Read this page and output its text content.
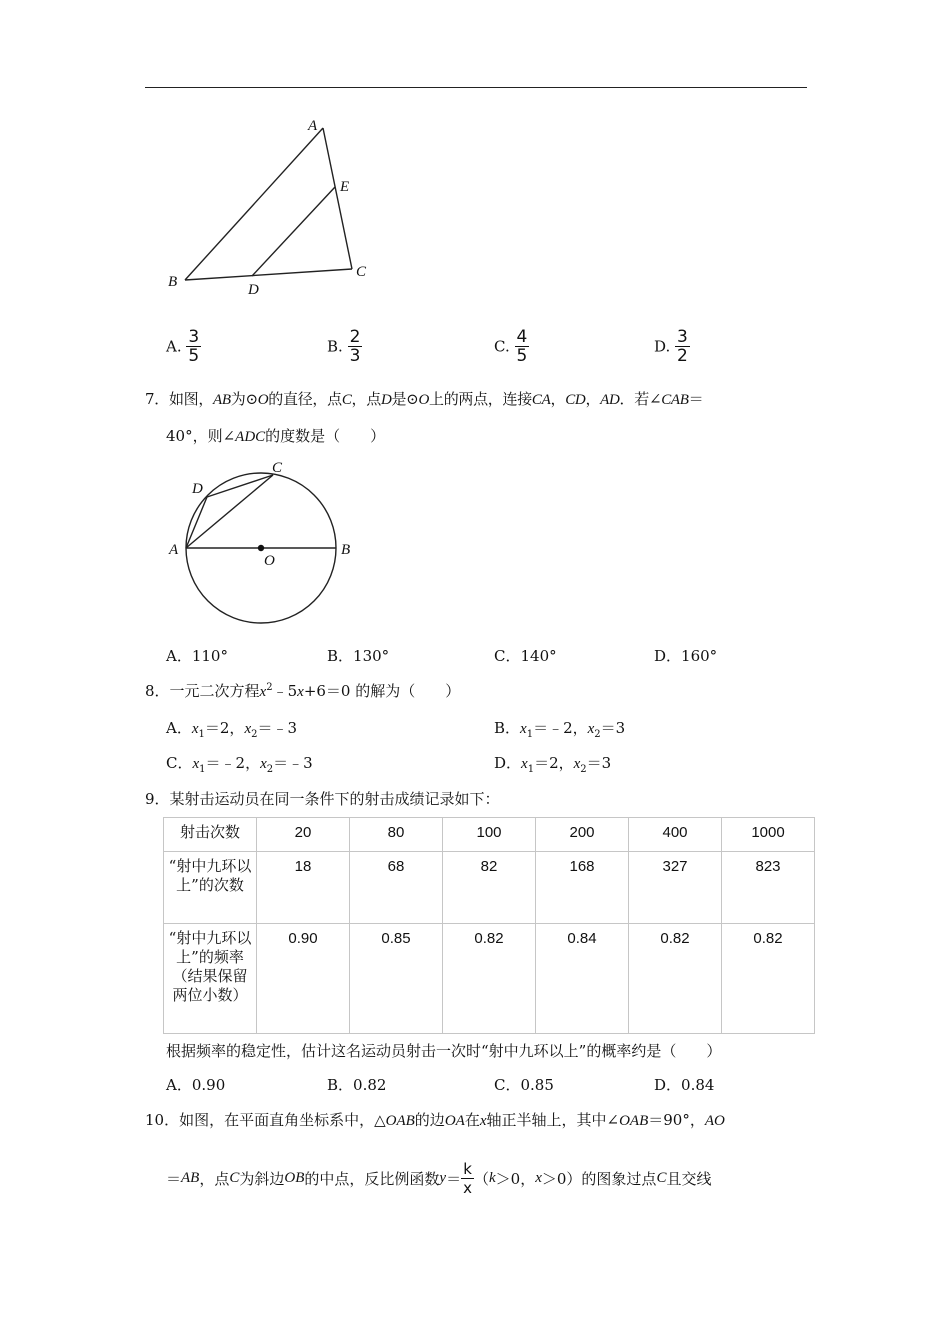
A
E
B	D
C
A. $\frac{3}{5}$	B. $\frac{2}{3}$	C. $\frac{4}{5}$	D. $\frac{3}{2}$
7．如图，AB为⊙O的直径，点C，点D是⊙O上的两点，连接CA，CD，AD．若∠CAB＝
40°，则∠ADC的度数是（　　）
D
C
A
O
B
A．110°	B．130°	C．140°	D．160°
8．一元二次方程$x^2﹣5x+6=0$ 的解为（　　）
A．$x_1=2$，$x_2=﹣3$	B．$x_1=﹣2$，$x_2=3$
C．$x_1=﹣2$，$x_2=﹣3$	D．$x_1=2$，$x_2=3$
9．某射击运动员在同一条件下的射击成绩记录如下：
射击次数	20	80	100	200	400	1000
“射中九环以上”的次数	18	68	82	168	327	823
“射中九环以上”的频率（结果保留两位小数）	0.90	0.85	0.82	0.84	0.82	0.82
根据频率的稳定性，估计这名运动员射击一次时“射中九环以上”的概率约是（　　）
A．0.90	B．0.82	C．0.85	D．0.84
10．如图，在平面直角坐标系中，△OAB的边OA在x轴正半轴上，其中∠OAB＝90°，AO
＝AB，点C为斜边OB的中点，反比例函数$y= \frac{k}{x} (k>0$，x＞0）的图象过点C且交线
